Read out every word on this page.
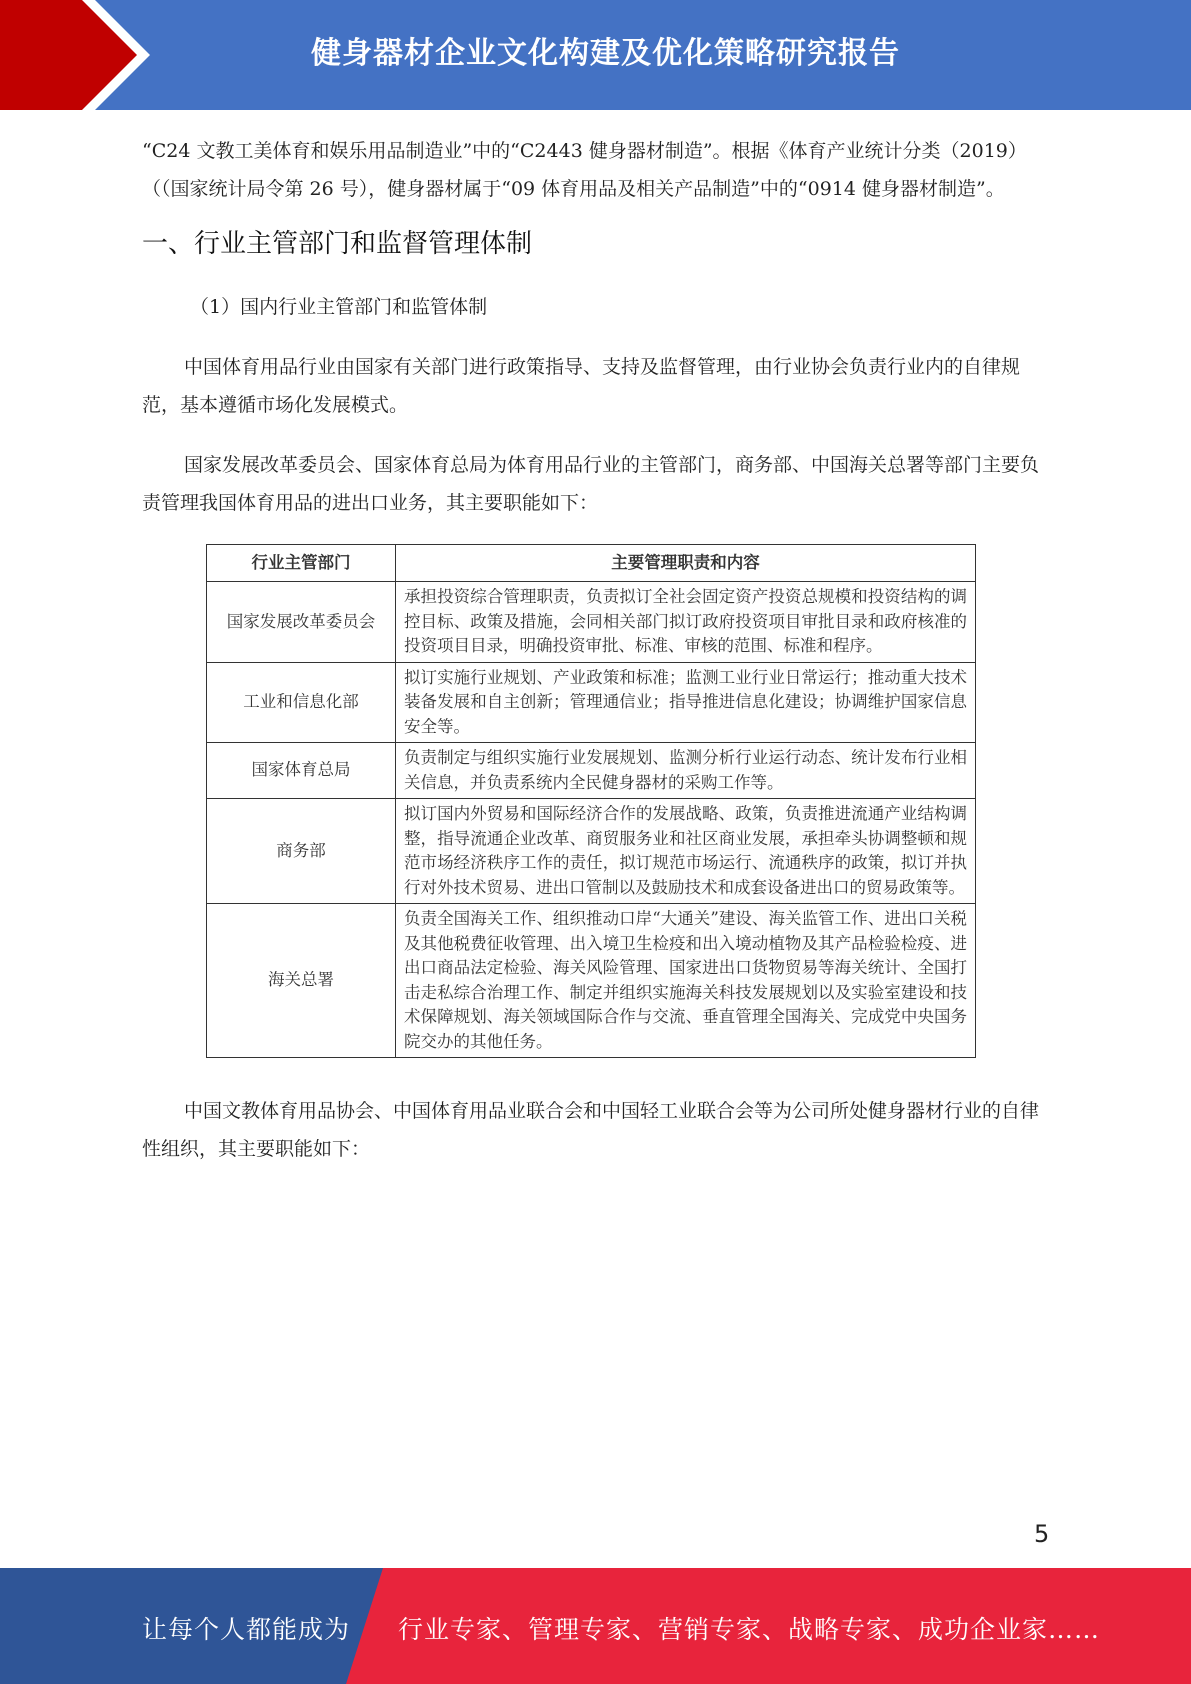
健身器材企业文化构建及优化策略研究报告

“C24 文教工美体育和娱乐用品制造业”中的“C2443 健身器材制造”。根据《体育产业统计分类（2019）（（国家统计局令第 26 号），健身器材属于“09 体育用品及相关产品制造”中的“0914 健身器材制造”。

一、行业主管部门和监督管理体制

（1）国内行业主管部门和监管体制

中国体育用品行业由国家有关部门进行政策指导、支持及监督管理，由行业协会负责行业内的自律规范，基本遵循市场化发展模式。

国家发展改革委员会、国家体育总局为体育用品行业的主管部门，商务部、中国海关总署等部门主要负责管理我国体育用品的进出口业务，其主要职能如下：

行业主管部门	主要管理职责和内容
国家发展改革委员会	承担投资综合管理职责，负责拟订全社会固定资产投资总规模和投资结构的调控目标、政策及措施，会同相关部门拟订政府投资项目审批目录和政府核准的投资项目目录，明确投资审批、标准、审核的范围、标准和程序。
工业和信息化部	拟订实施行业规划、产业政策和标准；监测工业行业日常运行；推动重大技术装备发展和自主创新；管理通信业；指导推进信息化建设；协调维护国家信息安全等。
国家体育总局	负责制定与组织实施行业发展规划、监测分析行业运行动态、统计发布行业相关信息，并负责系统内全民健身器材的采购工作等。
商务部	拟订国内外贸易和国际经济合作的发展战略、政策，负责推进流通产业结构调整，指导流通企业改革、商贸服务业和社区商业发展，承担牵头协调整顿和规范市场经济秩序工作的责任，拟订规范市场运行、流通秩序的政策，拟订并执行对外技术贸易、进出口管制以及鼓励技术和成套设备进出口的贸易政策等。
海关总署	负责全国海关工作、组织推动口岸“大通关”建设、海关监管工作、进出口关税及其他税费征收管理、出入境卫生检疫和出入境动植物及其产品检验检疫、进出口商品法定检验、海关风险管理、国家进出口货物贸易等海关统计、全国打击走私综合治理工作、制定并组织实施海关科技发展规划以及实验室建设和技术保障规划、海关领域国际合作与交流、垂直管理全国海关、完成党中央国务院交办的其他任务。

中国文教体育用品协会、中国体育用品业联合会和中国轻工业联合会等为公司所处健身器材行业的自律性组织，其主要职能如下：

5
让每个人都能成为 行业专家、管理专家、营销专家、战略专家、成功企业家……
